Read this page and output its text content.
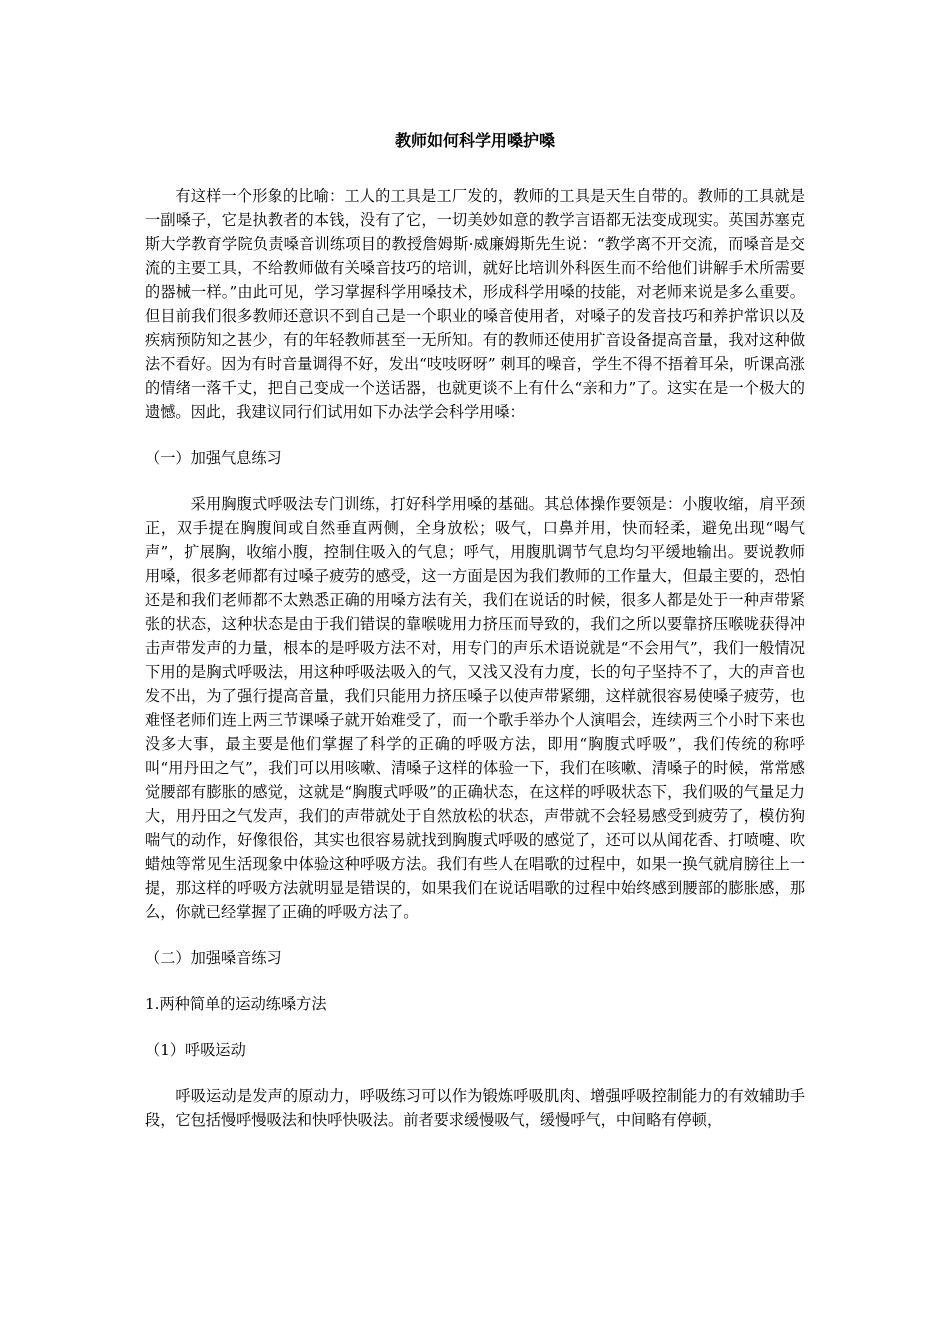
教师如何科学用嗓护嗓

有这样一个形象的比喻：工人的工具是工厂发的，教师的工具是天生自带的。教师的工具就是一副嗓子，它是执教者的本钱，没有了它，一切美妙如意的教学言语都无法变成现实。英国苏塞克斯大学教育学院负责嗓音训练项目的教授詹姆斯·威廉姆斯先生说：“教学离不开交流，而嗓音是交流的主要工具，不给教师做有关嗓音技巧的培训，就好比培训外科医生而不给他们讲解手术所需要的器械一样。”由此可见，学习掌握科学用嗓技术，形成科学用嗓的技能，对老师来说是多么重要。但目前我们很多教师还意识不到自己是一个职业的嗓音使用者，对嗓子的发音技巧和养护常识以及疾病预防知之甚少，有的年轻教师甚至一无所知。有的教师还使用扩音设备提高音量，我对这种做法不看好。因为有时音量调得不好，发出“吱吱呀呀” 刺耳的噪音，学生不得不捂着耳朵，听课高涨的情绪一落千丈，把自己变成一个送话器，也就更谈不上有什么“亲和力”了。这实在是一个极大的遗憾。因此，我建议同行们试用如下办法学会科学用嗓：

（一）加强气息练习

采用胸腹式呼吸法专门训练，打好科学用嗓的基础。其总体操作要领是：小腹收缩，肩平颈正，双手提在胸腹间或自然垂直两侧，全身放松；吸气，口鼻并用，快而轻柔，避免出现“喝气声”，扩展胸，收缩小腹，控制住吸入的气息；呼气，用腹肌调节气息均匀平缓地输出。要说教师用嗓，很多老师都有过嗓子疲劳的感受，这一方面是因为我们教师的工作量大，但最主要的，恐怕还是和我们老师都不太熟悉正确的用嗓方法有关，我们在说话的时候，很多人都是处于一种声带紧张的状态，这种状态是由于我们错误的靠喉咙用力挤压而导致的，我们之所以要靠挤压喉咙获得冲击声带发声的力量，根本的是呼吸方法不对，用专门的声乐术语说就是“不会用气”，我们一般情况下用的是胸式呼吸法，用这种呼吸法吸入的气，又浅又没有力度，长的句子坚持不了，大的声音也发不出，为了强行提高音量，我们只能用力挤压嗓子以使声带紧绷，这样就很容易使嗓子疲劳，也难怪老师们连上两三节课嗓子就开始难受了，而一个歌手举办个人演唱会，连续两三个小时下来也没多大事，最主要是他们掌握了科学的正确的呼吸方法，即用“胸腹式呼吸”，我们传统的称呼叫“用丹田之气”，我们可以用咳嗽、清嗓子这样的体验一下，我们在咳嗽、清嗓子的时候，常常感觉腰部有膨胀的感觉，这就是“胸腹式呼吸”的正确状态，在这样的呼吸状态下，我们吸的气量足力大，用丹田之气发声，我们的声带就处于自然放松的状态，声带就不会轻易感受到疲劳了，模仿狗喘气的动作，好像很俗，其实也很容易就找到胸腹式呼吸的感觉了，还可以从闻花香、打喷嚏、吹蜡烛等常见生活现象中体验这种呼吸方法。我们有些人在唱歌的过程中，如果一换气就肩膀往上一提，那这样的呼吸方法就明显是错误的，如果我们在说话唱歌的过程中始终感到腰部的膨胀感，那么，你就已经掌握了正确的呼吸方法了。

（二）加强嗓音练习

1.两种简单的运动练嗓方法

（1）呼吸运动

呼吸运动是发声的原动力，呼吸练习可以作为锻炼呼吸肌肉、增强呼吸控制能力的有效辅助手段，它包括慢呼慢吸法和快呼快吸法。前者要求缓慢吸气，缓慢呼气，中间略有停顿，
